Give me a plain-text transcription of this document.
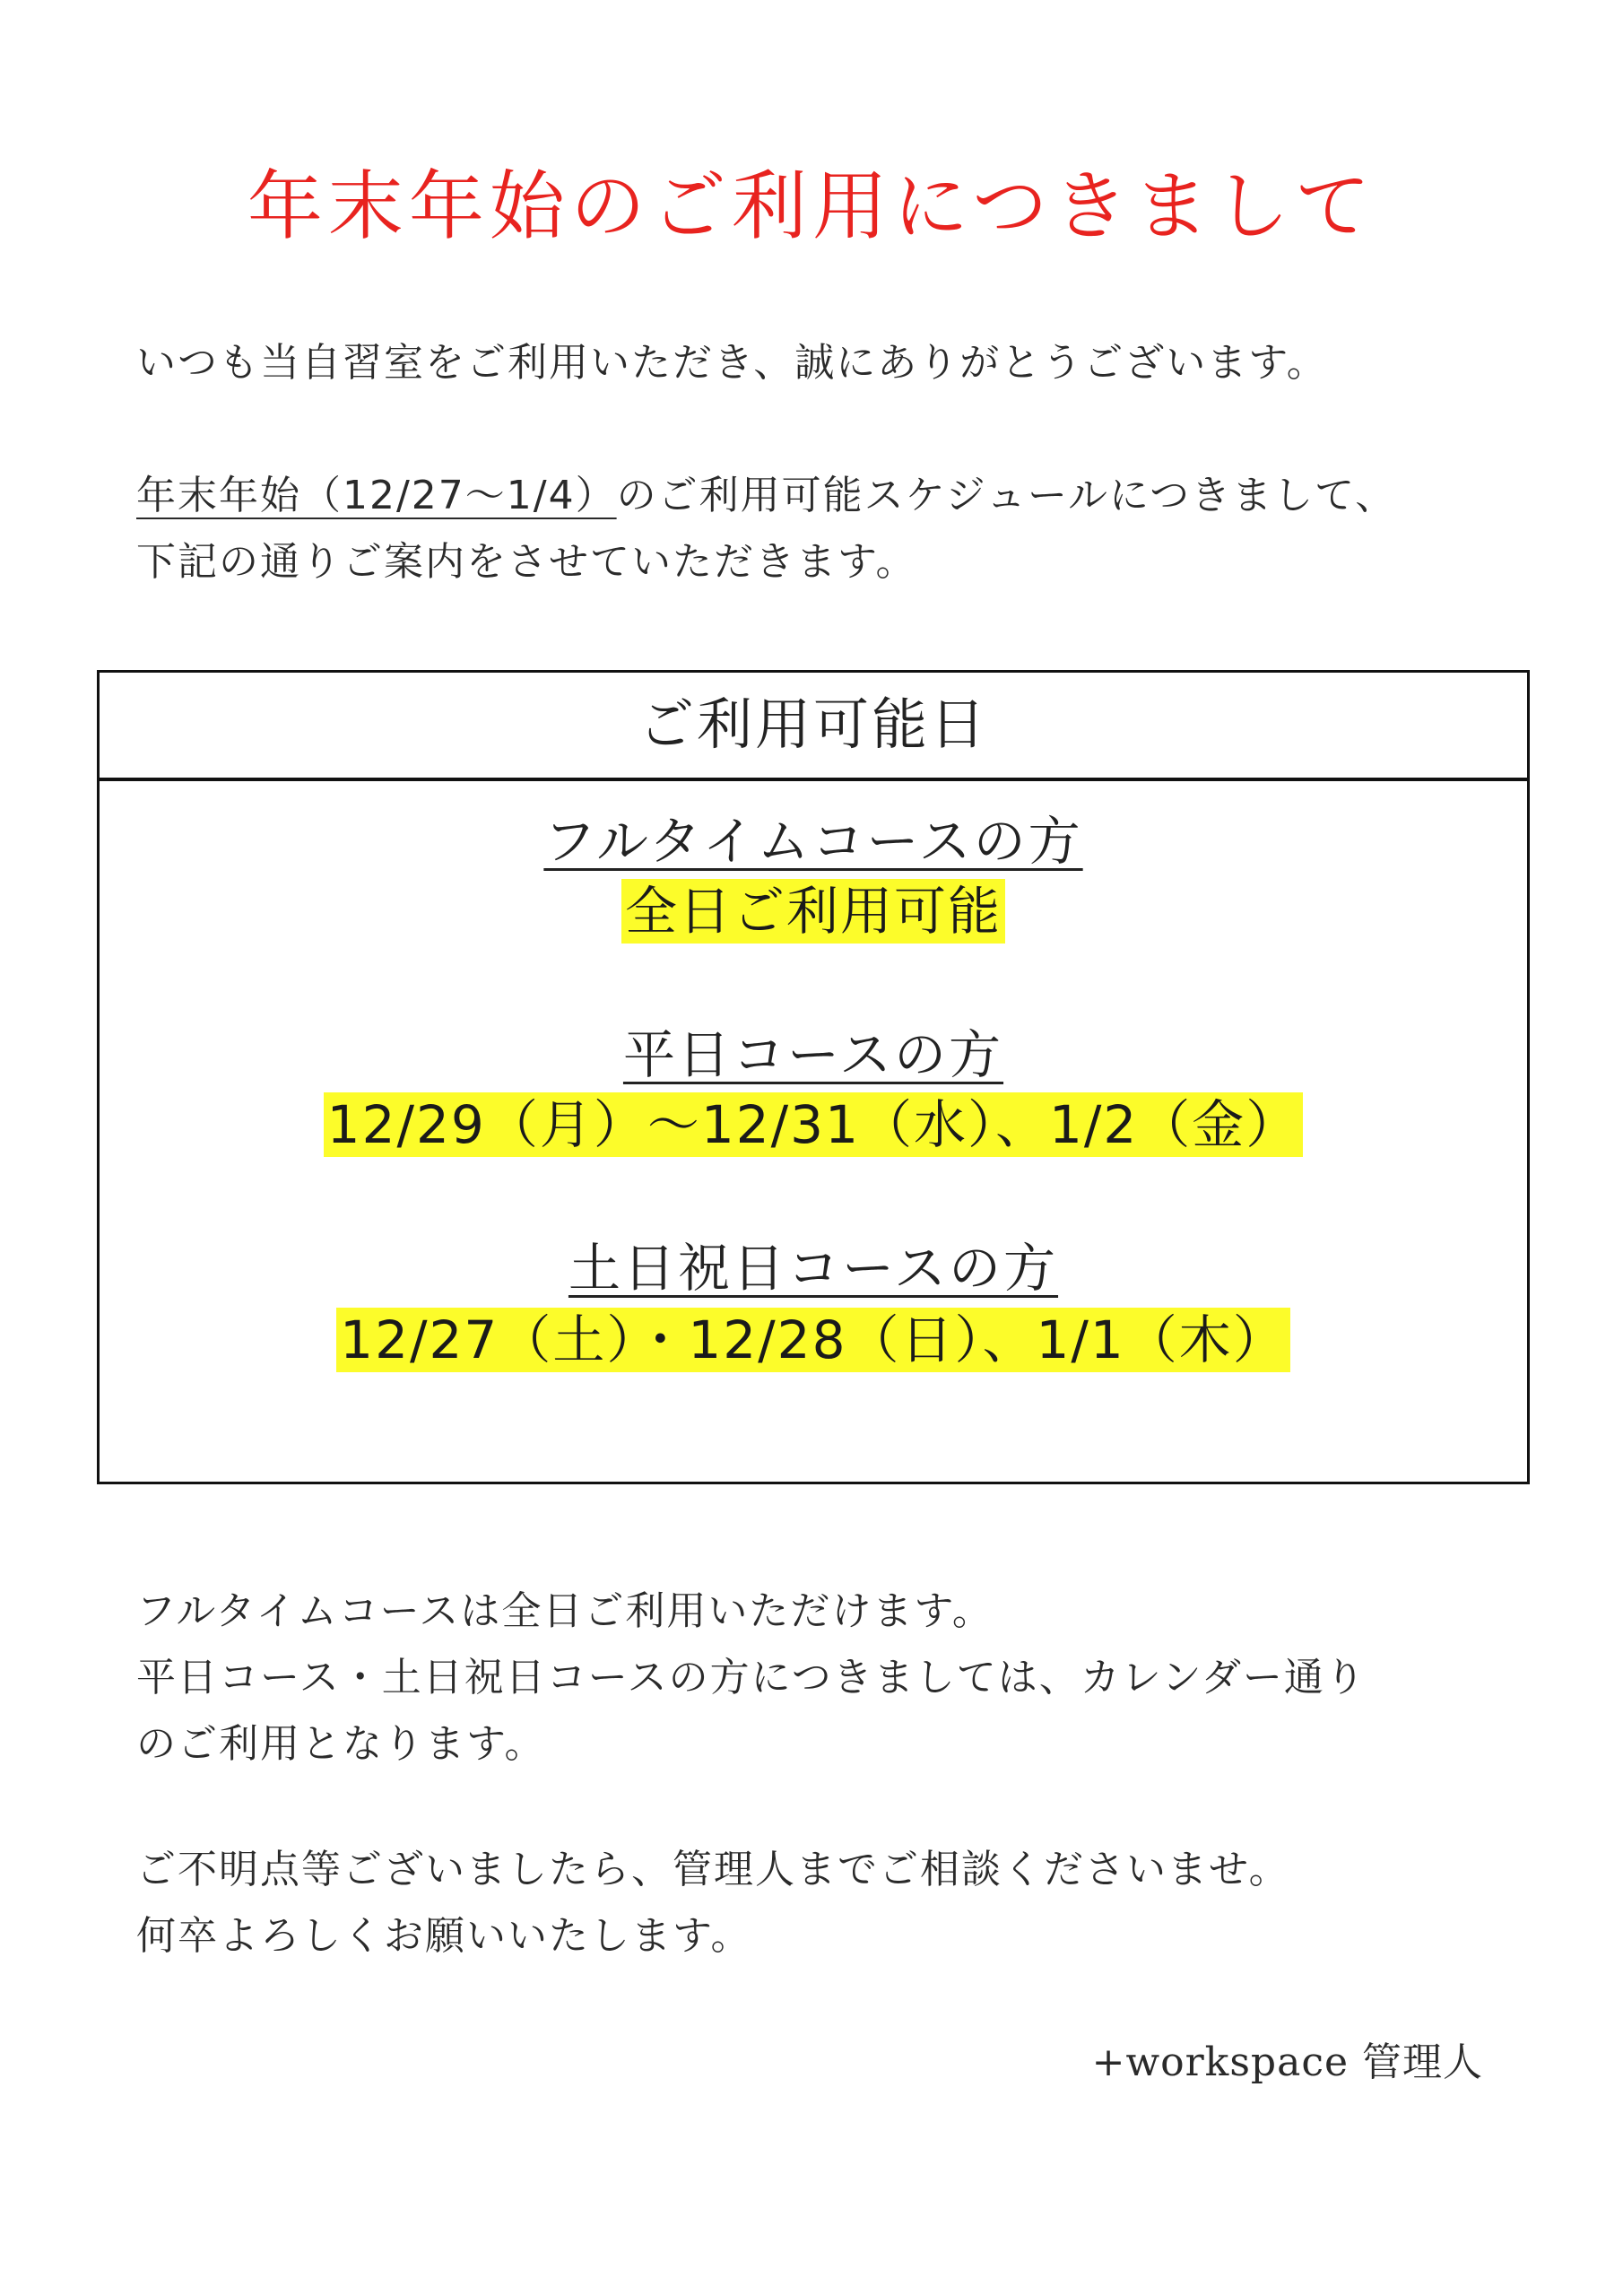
年末年始のご利用につきまして
いつも当自習室をご利用いただき、誠にありがとうございます。
年末年始（12/27〜1/4）のご利用可能スケジュールにつきまして、
下記の通りご案内をさせていただきます。
ご利用可能日
フルタイムコースの方
全日ご利用可能
平日コースの方
12/29（月）〜12/31（水）、1/2（金）
土日祝日コースの方
12/27（土）・12/28（日）、1/1（木）
フルタイムコースは全日ご利用いただけます。
平日コース・土日祝日コースの方につきましては、カレンダー通り
のご利用となります。
ご不明点等ございましたら、管理人までご相談くださいませ。
何卒よろしくお願いいたします。
+workspace 管理人
